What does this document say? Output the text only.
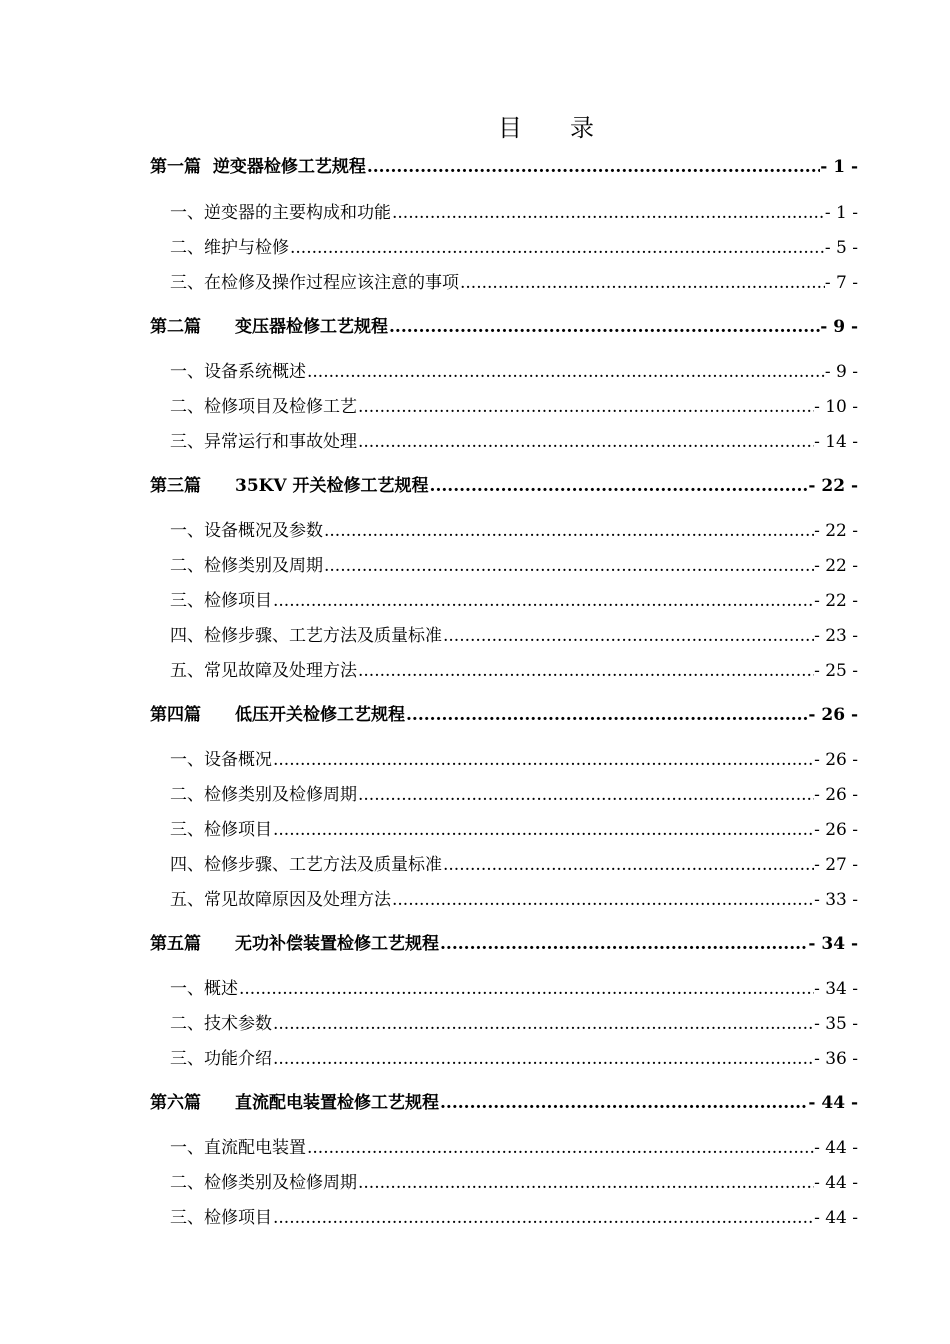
目　　录
第一篇  逆变器检修工艺规程 .....	- 1 -
一、逆变器的主要构成和功能 .....	- 1 -
二、维护与检修 .....	- 5 -
三、在检修及操作过程应该注意的事项 .....	- 7 -
第二篇　　变压器检修工艺规程 .....	- 9 -
一、设备系统概述 .....	- 9 -
二、检修项目及检修工艺 .....	- 10 -
三、异常运行和事故处理 .....	- 14 -
第三篇　　35KV 开关检修工艺规程 .....	- 22 -
一、设备概况及参数 .....	- 22 -
二、检修类别及周期 .....	- 22 -
三、检修项目 .....	- 22 -
四、检修步骤、工艺方法及质量标准 .....	- 23 -
五、常见故障及处理方法 .....	- 25 -
第四篇　　低压开关检修工艺规程 .....	- 26 -
一、设备概况 .....	- 26 -
二、检修类别及检修周期 .....	- 26 -
三、检修项目 .....	- 26 -
四、检修步骤、工艺方法及质量标准 .....	- 27 -
五、常见故障原因及处理方法 .....	- 33 -
第五篇　　无功补偿装置检修工艺规程 .....	- 34 -
一、概述 .....	- 34 -
二、技术参数 .....	- 35 -
三、功能介绍 .....	- 36 -
第六篇　　直流配电装置检修工艺规程 .....	- 44 -
一、直流配电装置 .....	- 44 -
二、检修类别及检修周期 .....	- 44 -
三、检修项目 .....	- 44 -
